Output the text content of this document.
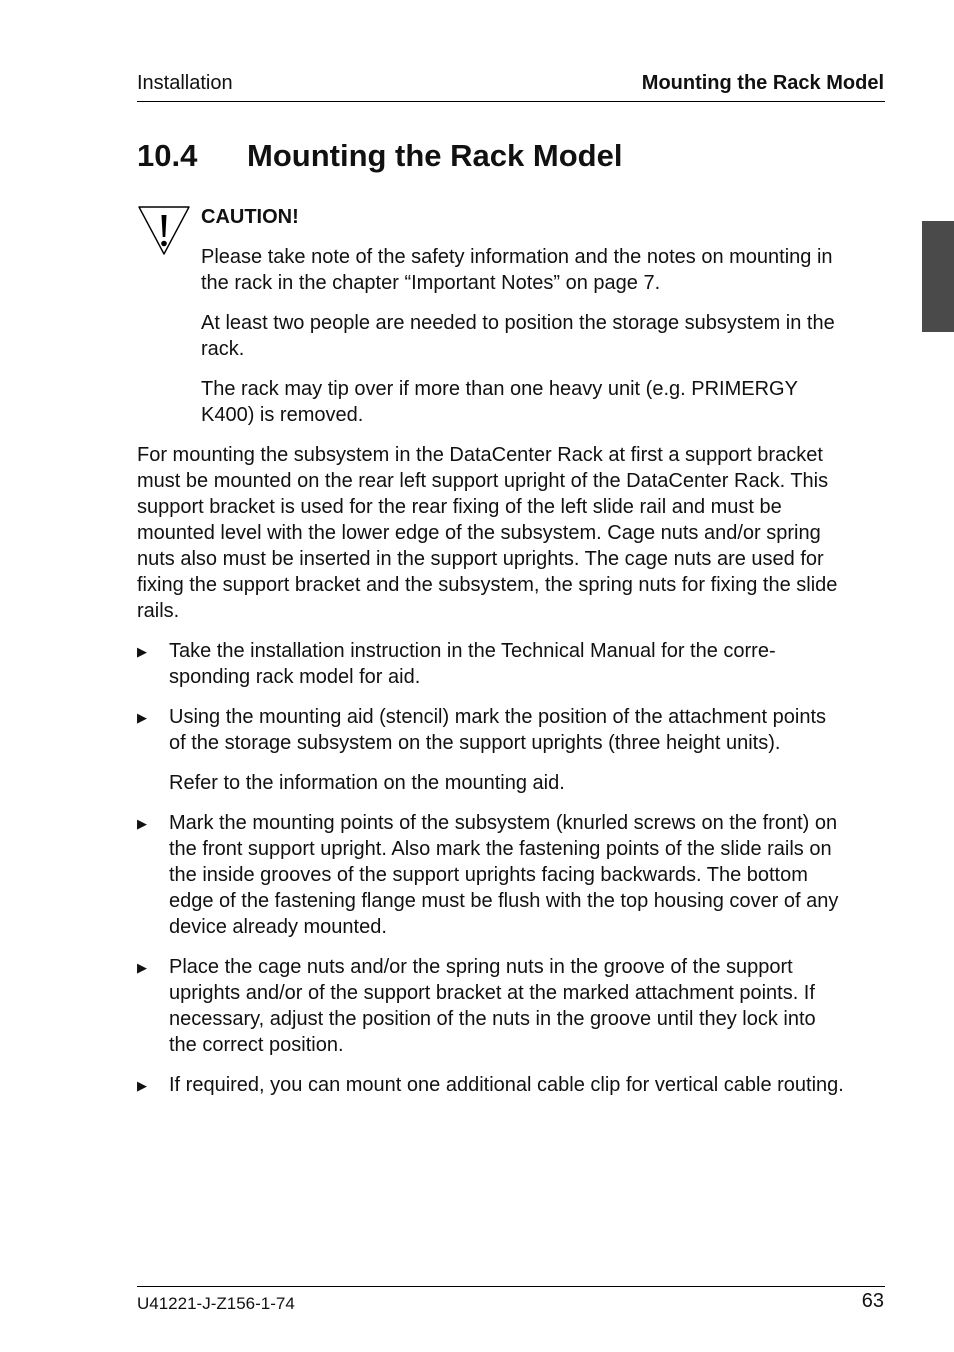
Installation	Mounting the Rack Model
10.4 Mounting the Rack Model
CAUTION!
Please take note of the safety information and the notes on mounting in
the rack in the chapter “Important Notes” on page 7.
At least two people are needed to position the storage subsystem in the
rack.
The rack may tip over if more than one heavy unit (e.g. PRIMERGY
K400) is removed.
For mounting the subsystem in the DataCenter Rack at first a support bracket
must be mounted on the rear left support upright of the DataCenter Rack. This
support bracket is used for the rear fixing of the left slide rail and must be
mounted level with the lower edge of the subsystem. Cage nuts and/or spring
nuts also must be inserted in the support uprights. The cage nuts are used for
fixing the support bracket and the subsystem, the spring nuts for fixing the slide
rails.
▶ Take the installation instruction in the Technical Manual for the corre-
sponding rack model for aid.
▶ Using the mounting aid (stencil) mark the position of the attachment points
of the storage subsystem on the support uprights (three height units).
Refer to the information on the mounting aid.
▶ Mark the mounting points of the subsystem (knurled screws on the front) on
the front support upright. Also mark the fastening points of the slide rails on
the inside grooves of the support uprights facing backwards. The bottom
edge of the fastening flange must be flush with the top housing cover of any
device already mounted.
▶ Place the cage nuts and/or the spring nuts in the groove of the support
uprights and/or of the support bracket at the marked attachment points. If
necessary, adjust the position of the nuts in the groove until they lock into
the correct position.
▶ If required, you can mount one additional cable clip for vertical cable routing.
U41221-J-Z156-1-74	63
